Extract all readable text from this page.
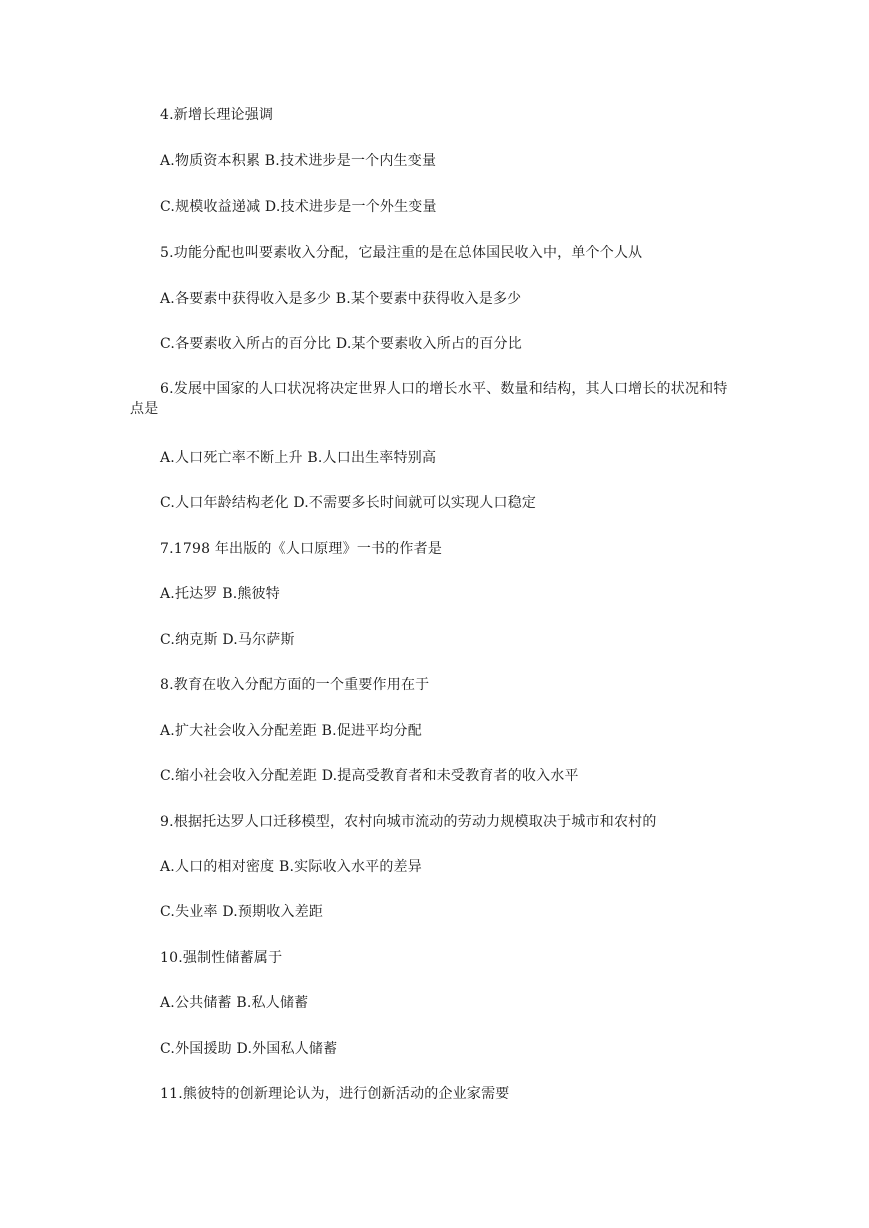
4.新增长理论强调
A.物质资本积累 B.技术进步是一个内生变量
C.规模收益递减 D.技术进步是一个外生变量
5.功能分配也叫要素收入分配，它最注重的是在总体国民收入中，单个个人从
A.各要素中获得收入是多少 B.某个要素中获得收入是多少
C.各要素收入所占的百分比 D.某个要素收入所占的百分比
6.发展中国家的人口状况将决定世界人口的增长水平、数量和结构，其人口增长的状况和特点是
A.人口死亡率不断上升 B.人口出生率特别高
C.人口年龄结构老化 D.不需要多长时间就可以实现人口稳定
7.1798 年出版的《人口原理》一书的作者是
A.托达罗 B.熊彼特
C.纳克斯 D.马尔萨斯
8.教育在收入分配方面的一个重要作用在于
A.扩大社会收入分配差距 B.促进平均分配
C.缩小社会收入分配差距 D.提高受教育者和未受教育者的收入水平
9.根据托达罗人口迁移模型，农村向城市流动的劳动力规模取决于城市和农村的
A.人口的相对密度 B.实际收入水平的差异
C.失业率 D.预期收入差距
10.强制性储蓄属于
A.公共储蓄 B.私人储蓄
C.外国援助 D.外国私人储蓄
11.熊彼特的创新理论认为，进行创新活动的企业家需要
